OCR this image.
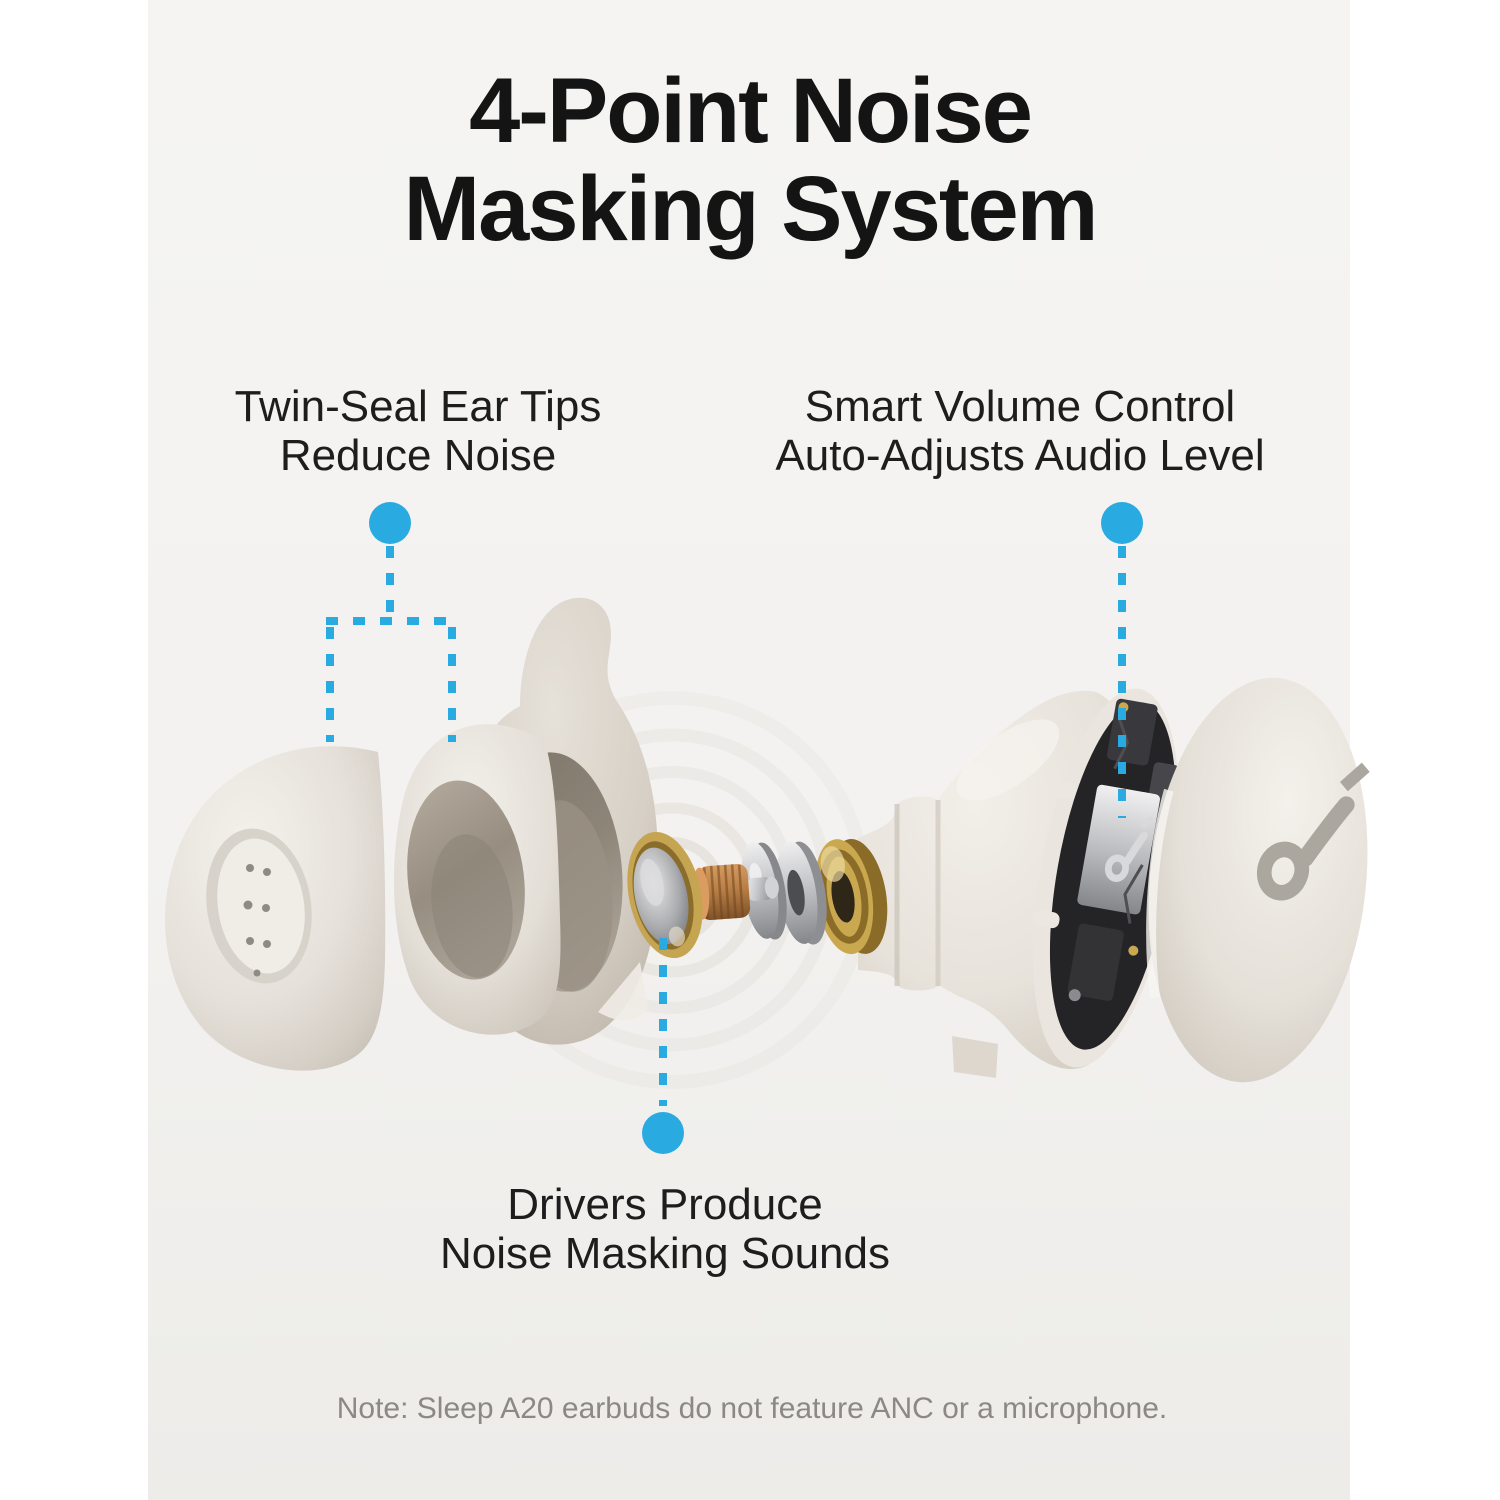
4-Point Noise
Masking System
Twin-Seal Ear Tips
Reduce Noise
Smart Volume Control
Auto-Adjusts Audio Level
Drivers Produce
Noise Masking Sounds
Note: Sleep A20 earbuds do not feature ANC or a microphone.
